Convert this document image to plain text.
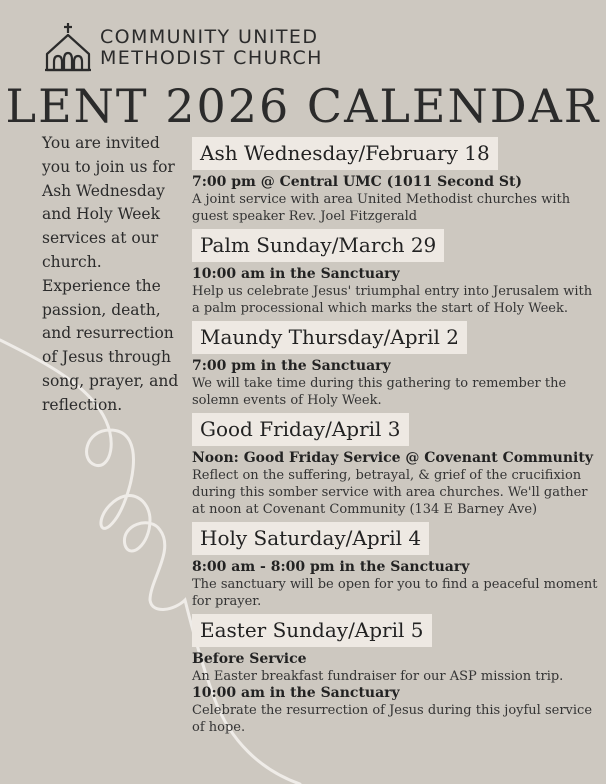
COMMUNITY UNITED
METHODIST CHURCH
LENT 2026 CALENDAR
You are invited you to join us for Ash Wednesday and Holy Week services at our church. Experience the passion, death, and resurrection of Jesus through song, prayer, and reflection.
Ash Wednesday/February 18
7:00 pm @ Central UMC (1011 Second St)
A joint service with area United Methodist churches with guest speaker Rev. Joel Fitzgerald
Palm Sunday/March 29
10:00 am in the Sanctuary
Help us celebrate Jesus' triumphal entry into Jerusalem with a palm processional which marks the start of Holy Week.
Maundy Thursday/April 2
7:00 pm in the Sanctuary
We will take time during this gathering to remember the solemn events of Holy Week.
Good Friday/April 3
Noon: Good Friday Service @ Covenant Community
Reflect on the suffering, betrayal, & grief of the crucifixion during this somber service with area churches. We'll gather at noon at Covenant Community (134 E Barney Ave)
Holy Saturday/April 4
8:00 am - 8:00 pm in the Sanctuary
The sanctuary will be open for you to find a peaceful moment for prayer.
Easter Sunday/April 5
Before Service
An Easter breakfast fundraiser for our ASP mission trip.
10:00 am in the Sanctuary
Celebrate the resurrection of Jesus during this joyful service of hope.
